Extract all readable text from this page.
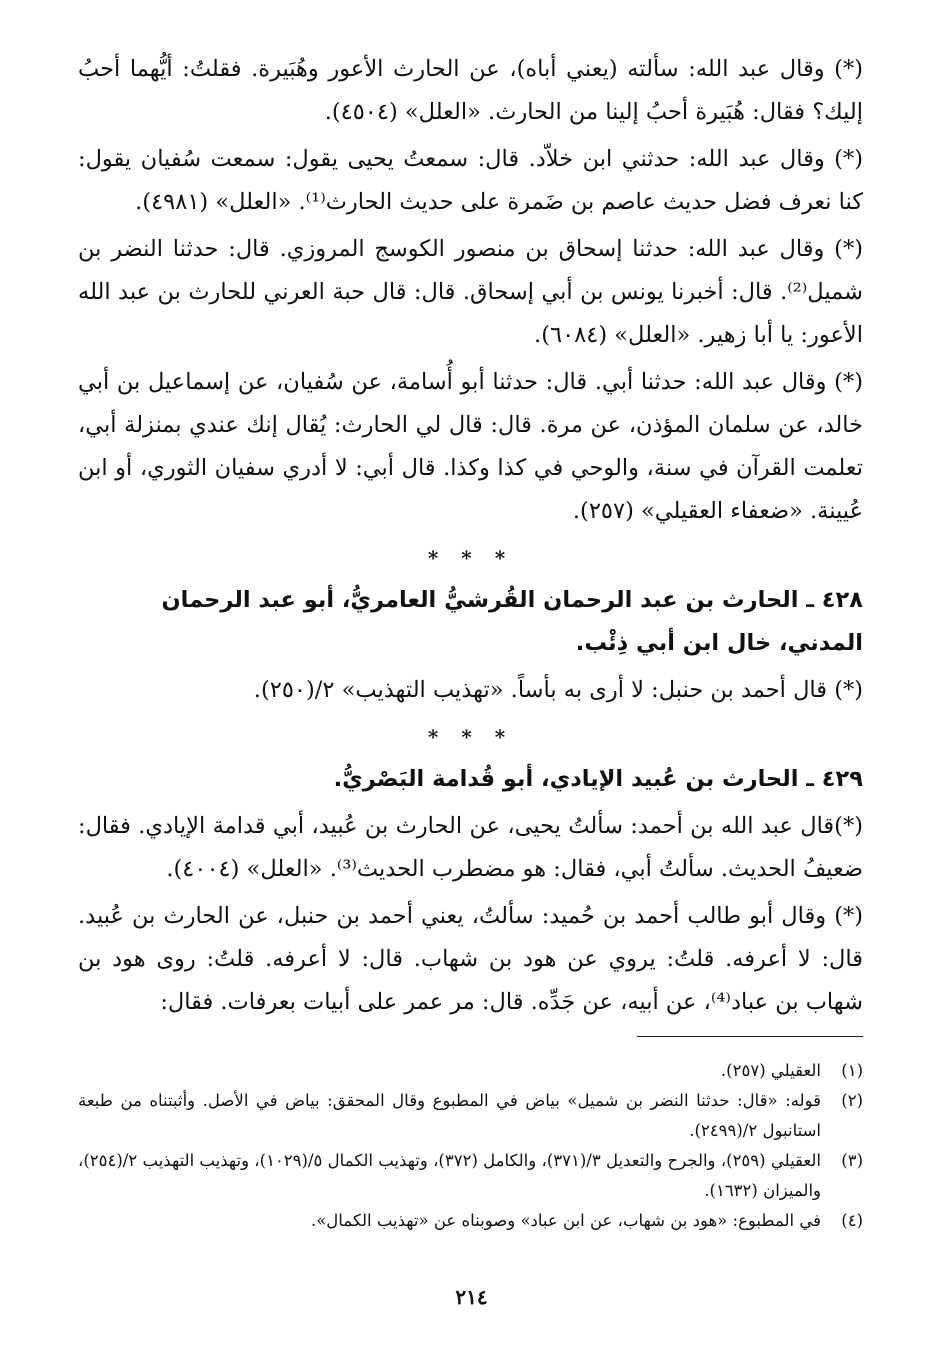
(*) وقال عبد الله: سألته (يعني أباه)، عن الحارث الأعور وهُبَيرة. فقلتُ: أيُّهما أحبُ إليك؟ فقال: هُبَيرة أحبُ إلينا من الحارث. «العلل» (٤٥٠٤).

(*) وقال عبد الله: حدثني ابن خلاّد. قال: سمعتُ يحيى يقول: سمعت سُفيان يقول: كنا نعرف فضل حديث عاصم بن ضَمرة على حديث الحارث⁽¹⁾. «العلل» (٤٩٨١).

(*) وقال عبد الله: حدثنا إسحاق بن منصور الكوسج المروزي. قال: حدثنا النضر بن شميل⁽²⁾. قال: أخبرنا يونس بن أبي إسحاق. قال: قال حبة العرني للحارث بن عبد الله الأعور: يا أبا زهير. «العلل» (٦٠٨٤).

(*) وقال عبد الله: حدثنا أبي. قال: حدثنا أبو أُسامة، عن سُفيان، عن إسماعيل بن أبي خالد، عن سلمان المؤذن، عن مرة. قال: قال لي الحارث: يُقال إنك عندي بمنزلة أبي، تعلمت القرآن في سنة، والوحي في كذا وكذا. قال أبي: لا أدري سفيان الثوري، أو ابن عُيينة. «ضعفاء العقيلي» (٢٥٧).

* * *
٤٢٨ ـ الحارث بن عبد الرحمان القُرشيُّ العامريُّ، أبو عبد الرحمان المدني، خال ابن أبي ذِئْب.

(*) قال أحمد بن حنبل: لا أرى به بأساً. «تهذيب التهذيب» ٢/(٢٥٠).

* * *
٤٢٩ ـ الحارث بن عُبيد الإيادي، أبو قُدامة البَصْريُّ.

(*)قال عبد الله بن أحمد: سألتُ يحيى، عن الحارث بن عُبيد، أبي قدامة الإيادي. فقال: ضعيفُ الحديث. سألتُ أبي، فقال: هو مضطرب الحديث⁽³⁾. «العلل» (٤٠٠٤).

(*) وقال أبو طالب أحمد بن حُميد: سألتُ، يعني أحمد بن حنبل، عن الحارث بن عُبيد. قال: لا أعرفه. قلتُ: يروي عن هود بن شهاب. قال: لا أعرفه. قلتُ: روى هود بن شهاب بن عباد⁽⁴⁾، عن أبيه، عن جَدِّه. قال: مر عمر على أبيات بعرفات. فقال:

(١)
العقيلي (٢٥٧).
(٢)
قوله: «قال: حدثنا النضر بن شميل» بياض في المطبوع وقال المحقق: بياض في الأصل. وأثبتناه من طبعة استانبول ٢/(٢٤٩٩).
(٣)
العقيلي (٢٥٩)، والجرح والتعديل ٣/(٣٧١)، والكامل (٣٧٢)، وتهذيب الكمال ٥/(١٠٢٩)، وتهذيب التهذيب ٢/(٢٥٤)، والميزان (١٦٣٢).
(٤)
في المطبوع: «هود بن شهاب، عن ابن عباد» وصوبناه عن «تهذيب الكمال».
٢١٤
